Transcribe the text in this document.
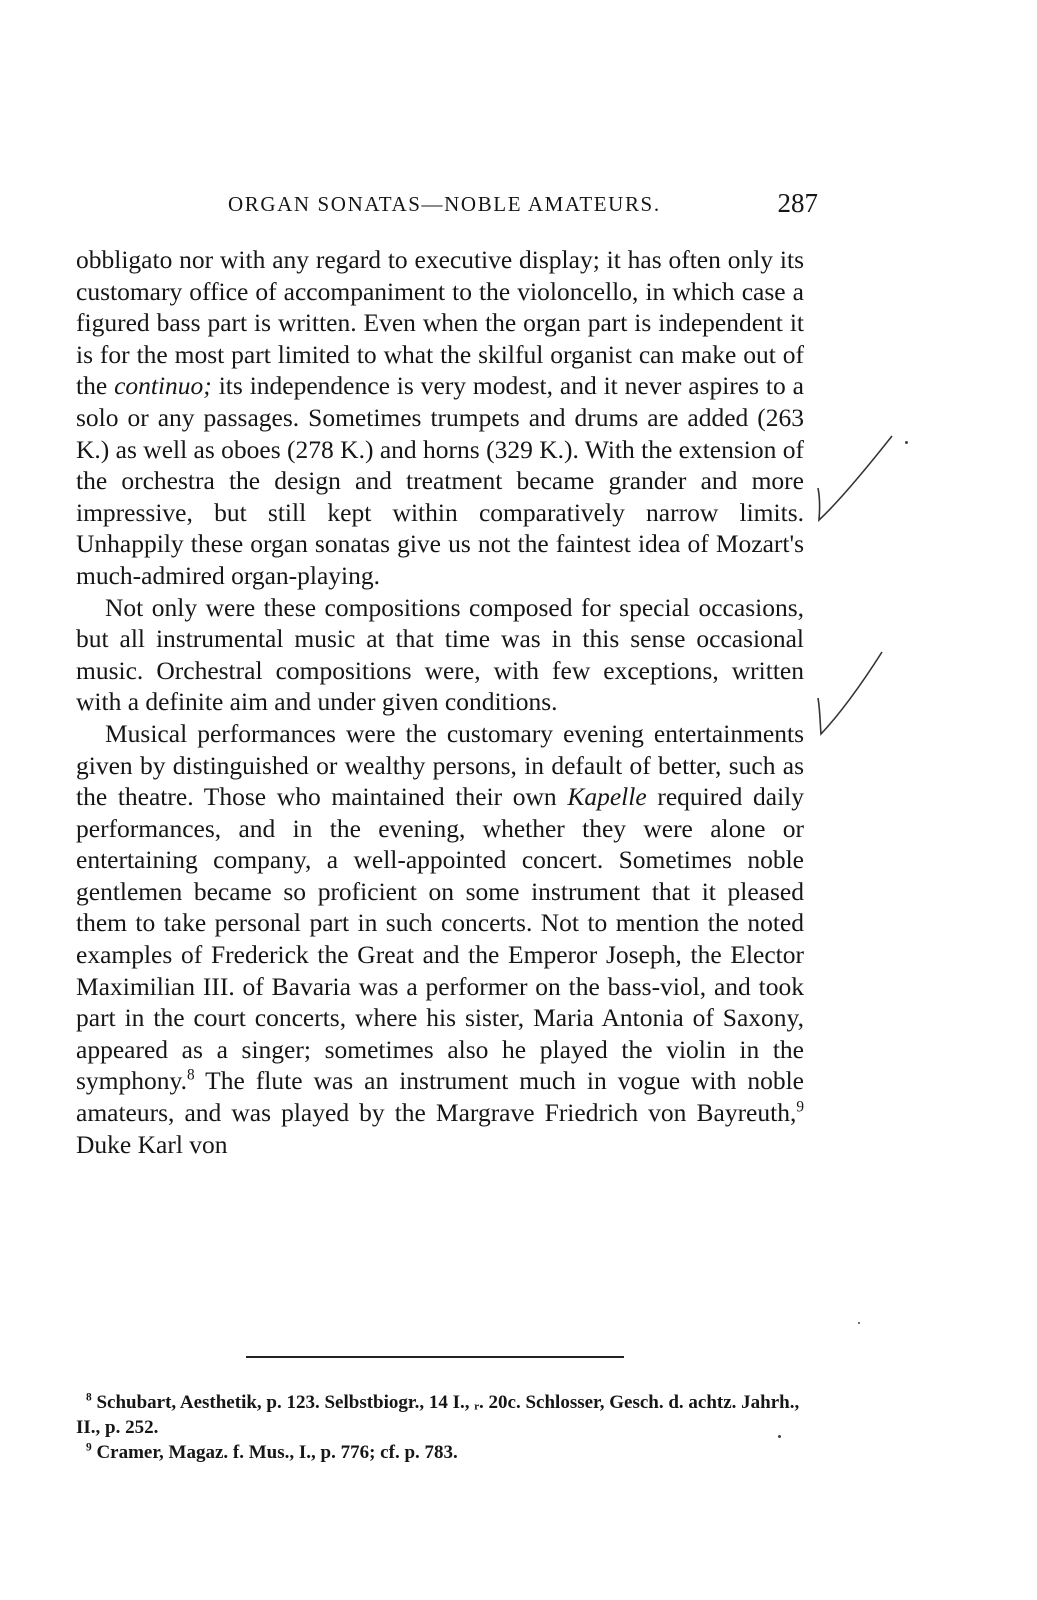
ORGAN SONATAS—NOBLE AMATEURS.	287

obbligato nor with any regard to executive display; it has often only its customary office of accompaniment to the violoncello, in which case a figured bass part is written. Even when the organ part is independent it is for the most part limited to what the skilful organist can make out of the continuo; its independence is very modest, and it never aspires to a solo or any passages. Sometimes trumpets and drums are added (263 K.) as well as oboes (278 K.) and horns (329 K.). With the extension of the orchestra the design and treatment became grander and more impressive, but still kept within comparatively narrow limits. Unhappily these organ sonatas give us not the faintest idea of Mozart's much-admired organ-playing.

Not only were these compositions composed for special occasions, but all instrumental music at that time was in this sense occasional music. Orchestral compositions were, with few exceptions, written with a definite aim and under given conditions.

Musical performances were the customary evening entertainments given by distinguished or wealthy persons, in default of better, such as the theatre. Those who maintained their own Kapelle required daily performances, and in the evening, whether they were alone or entertaining company, a well-appointed concert. Sometimes noble gentlemen became so proficient on some instrument that it pleased them to take personal part in such concerts. Not to mention the noted examples of Frederick the Great and the Emperor Joseph, the Elector Maximilian III. of Bavaria was a performer on the bass-viol, and took part in the court concerts, where his sister, Maria Antonia of Saxony, appeared as a singer; sometimes also he played the violin in the symphony.$^8$ The flute was an instrument much in vogue with noble amateurs, and was played by the Margrave Friedrich von Bayreuth,$^9$ Duke Karl von

$^8$ Schubart, Aesthetik, p. 123. Selbstbiogr., 14 I., ᵣ. 20c. Schlosser, Gesch. d. achtz. Jahrh., II., p. 252.

$^9$ Cramer, Magaz. f. Mus., I., p. 776; cf. p. 783.
